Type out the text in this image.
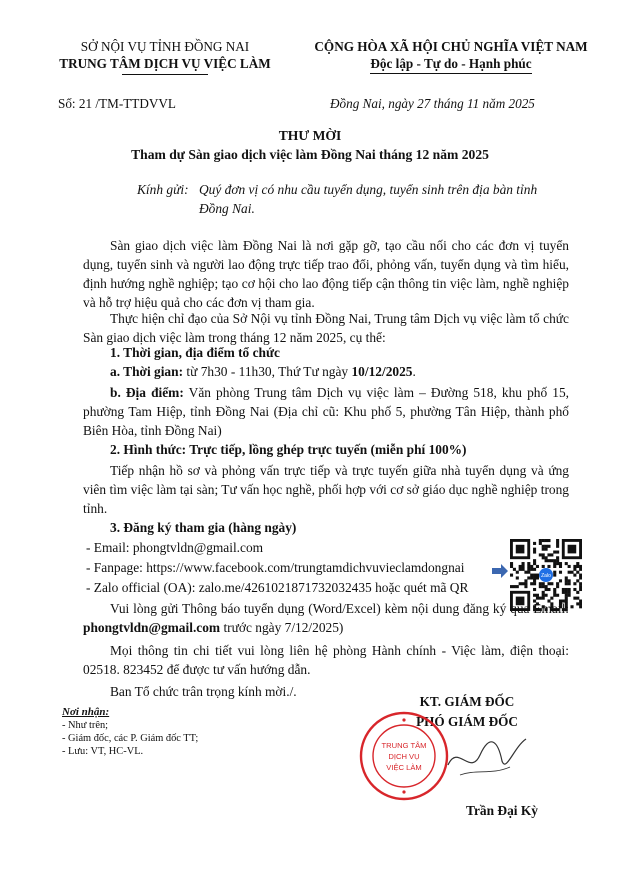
SỞ NỘI VỤ TỈNH ĐỒNG NAI
TRUNG TÂM DỊCH VỤ VIỆC LÀM
CỘNG HÒA XÃ HỘI CHỦ NGHĨA VIỆT NAM
Độc lập - Tự do - Hạnh phúc
Số: 21 /TM-TTDVVL	Đồng Nai, ngày 27 tháng 11 năm 2025
THƯ MỜI
Tham dự Sàn giao dịch việc làm Đồng Nai tháng 12 năm 2025
Kính gửi: Quý đơn vị có nhu cầu tuyển dụng, tuyển sinh trên địa bàn tỉnh Đồng Nai.

Sàn giao dịch việc làm Đồng Nai là nơi gặp gỡ, tạo cầu nối cho các đơn vị tuyển dụng, tuyển sinh và người lao động trực tiếp trao đổi, phỏng vấn, tuyển dụng và tìm hiểu, định hướng nghề nghiệp; tạo cơ hội cho lao động tiếp cận thông tin việc làm, nghề nghiệp và hỗ trợ hiệu quả cho các đơn vị tham gia.

Thực hiện chỉ đạo của Sở Nội vụ tỉnh Đồng Nai, Trung tâm Dịch vụ việc làm tổ chức Sàn giao dịch việc làm trong tháng 12 năm 2025, cụ thể:

1. Thời gian, địa điểm tổ chức
a. Thời gian: từ 7h30 - 11h30, Thứ Tư ngày 10/12/2025.

b. Địa điểm: Văn phòng Trung tâm Dịch vụ việc làm – Đường 518, khu phố 15, phường Tam Hiệp, tỉnh Đồng Nai (Địa chỉ cũ: Khu phố 5, phường Tân Hiệp, thành phố Biên Hòa, tỉnh Đồng Nai)

2. Hình thức: Trực tiếp, lồng ghép trực tuyến (miễn phí 100%)

Tiếp nhận hồ sơ và phỏng vấn trực tiếp và trực tuyến giữa nhà tuyển dụng và ứng viên tìm việc làm tại sàn; Tư vấn học nghề, phối hợp với cơ sở giáo dục nghề nghiệp trong tỉnh.

3. Đăng ký tham gia (hàng ngày)
- Email: phongtvldn@gmail.com
- Fanpage: https://www.facebook.com/trungtamdichvuvieclamdongnai
- Zalo official (OA): zalo.me/4261021871732032435 hoặc quét mã QR
Zalo

Vui lòng gửi Thông báo tuyển dụng (Word/Excel) kèm nội dung đăng ký qua Email: phongtvldn@gmail.com trước ngày 7/12/2025)

Mọi thông tin chi tiết vui lòng liên hệ phòng Hành chính - Việc làm, điện thoại: 02518. 823452 để được tư vấn hướng dẫn.

Ban Tổ chức trân trọng kính mời./.
Nơi nhận:
- Như trên;
- Giám đốc, các P. Giám đốc TT;
- Lưu: VT, HC-VL.
KT. GIÁM ĐỐC
PHÓ GIÁM ĐỐC
TRUNG TÂM
DỊCH VỤ
VIỆC LÀM
Trần Đại Kỳ
